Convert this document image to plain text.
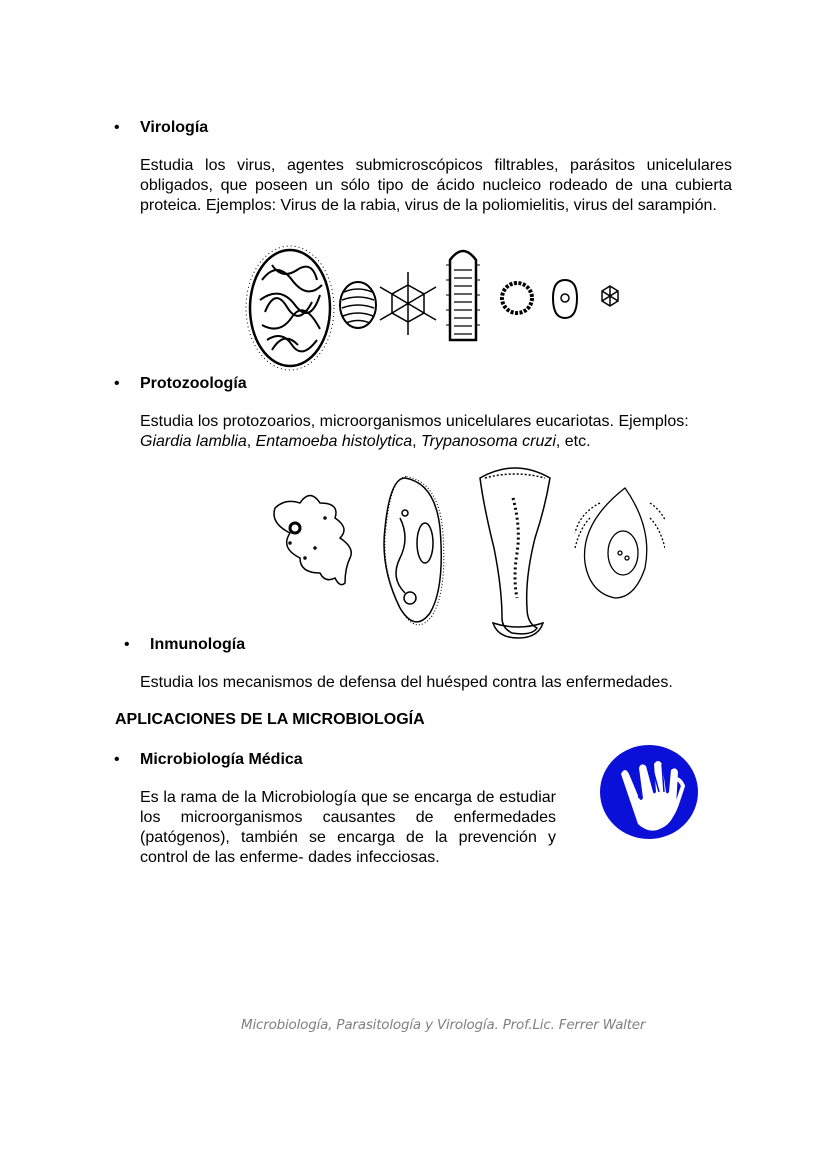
• Virología
Estudia los virus, agentes submicroscópicos filtrables, parásitos unicelulares obligados, que poseen un sólo tipo de ácido nucleico rodeado de una cubierta proteica. Ejemplos: Virus de la rabia, virus de la poliomielitis, virus del sarampión.
• Protozoología
Estudia los protozoarios, microorganismos unicelulares eucariotas. Ejemplos:
Giardia lamblia, Entamoeba histolytica, Trypanosoma cruzi, etc.
• Inmunología
Estudia los mecanismos de defensa del huésped contra las enfermedades.
APLICACIONES DE LA MICROBIOLOGÍA
• Microbiología Médica
Es la rama de la Microbiología que se encarga de estudiar los microorganismos causantes de enfermedades (patógenos), también se encarga de la prevención y control de las enferme- dades infecciosas.
Microbiología, Parasitología y Virología. Prof.Lic. Ferrer Walter
